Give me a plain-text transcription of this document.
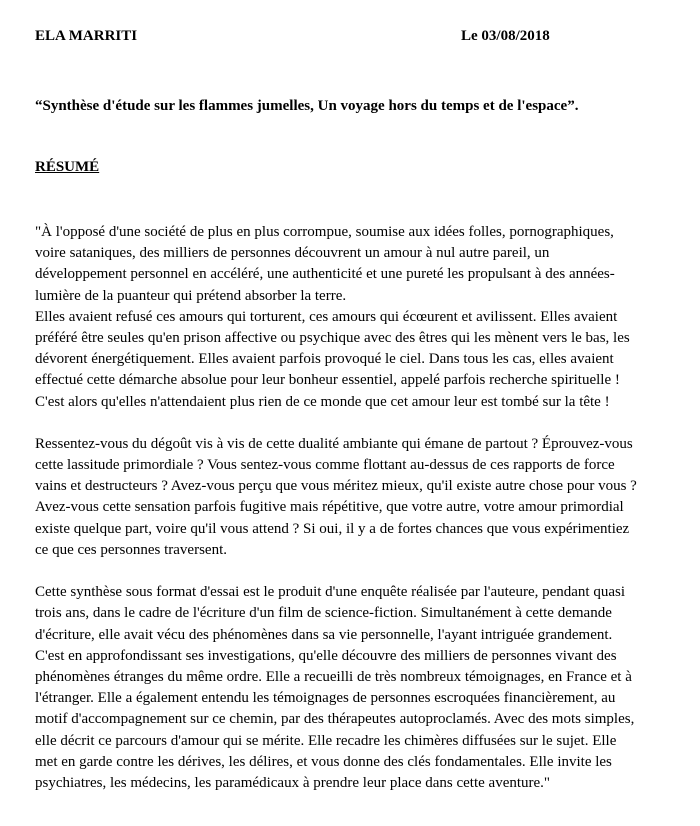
ELA MARRITI	Le 03/08/2018
“Synthèse d'étude sur les flammes jumelles, Un voyage hors du temps et de l'espace”.
RÉSUMÉ
"À l'opposé d'une société de plus en plus corrompue, soumise aux idées folles, pornographiques,
voire sataniques, des milliers de personnes découvrent un amour à nul autre pareil, un
développement personnel en accéléré, une authenticité et une pureté les propulsant à des années-
lumière de la puanteur qui prétend absorber la terre.
Elles avaient refusé ces amours qui torturent, ces amours qui écœurent et avilissent. Elles avaient
préféré être seules qu'en prison affective ou psychique avec des êtres qui les mènent vers le bas, les
dévorent énergétiquement. Elles avaient parfois provoqué le ciel. Dans tous les cas, elles avaient
effectué cette démarche absolue pour leur bonheur essentiel, appelé parfois recherche spirituelle !
C'est alors qu'elles n'attendaient plus rien de ce monde que cet amour leur est tombé sur la tête !
Ressentez-vous du dégoût vis à vis de cette dualité ambiante qui émane de partout ? Éprouvez-vous
cette lassitude primordiale ? Vous sentez-vous comme flottant au-dessus de ces rapports de force
vains et destructeurs ? Avez-vous perçu que vous méritez mieux, qu'il existe autre chose pour vous ?
Avez-vous cette sensation parfois fugitive mais répétitive, que votre autre, votre amour primordial
existe quelque part, voire qu'il vous attend ? Si oui, il y a de fortes chances que vous expérimentiez
ce que ces personnes traversent.
Cette synthèse sous format d'essai est le produit d'une enquête réalisée par l'auteure, pendant quasi
trois ans, dans le cadre de l'écriture d'un film de science-fiction. Simultanément à cette demande
d'écriture, elle avait vécu des phénomènes dans sa vie personnelle, l'ayant intriguée grandement.
C'est en approfondissant ses investigations, qu'elle découvre des milliers de personnes vivant des
phénomènes étranges du même ordre. Elle a recueilli de très nombreux témoignages, en France et à
l'étranger. Elle a également entendu les témoignages de personnes escroquées financièrement, au
motif d'accompagnement sur ce chemin, par des thérapeutes autoproclamés. Avec des mots simples,
elle décrit ce parcours d'amour qui se mérite. Elle recadre les chimères diffusées sur le sujet. Elle
met en garde contre les dérives, les délires, et vous donne des clés fondamentales. Elle invite les
psychiatres, les médecins, les paramédicaux à prendre leur place dans cette aventure."
